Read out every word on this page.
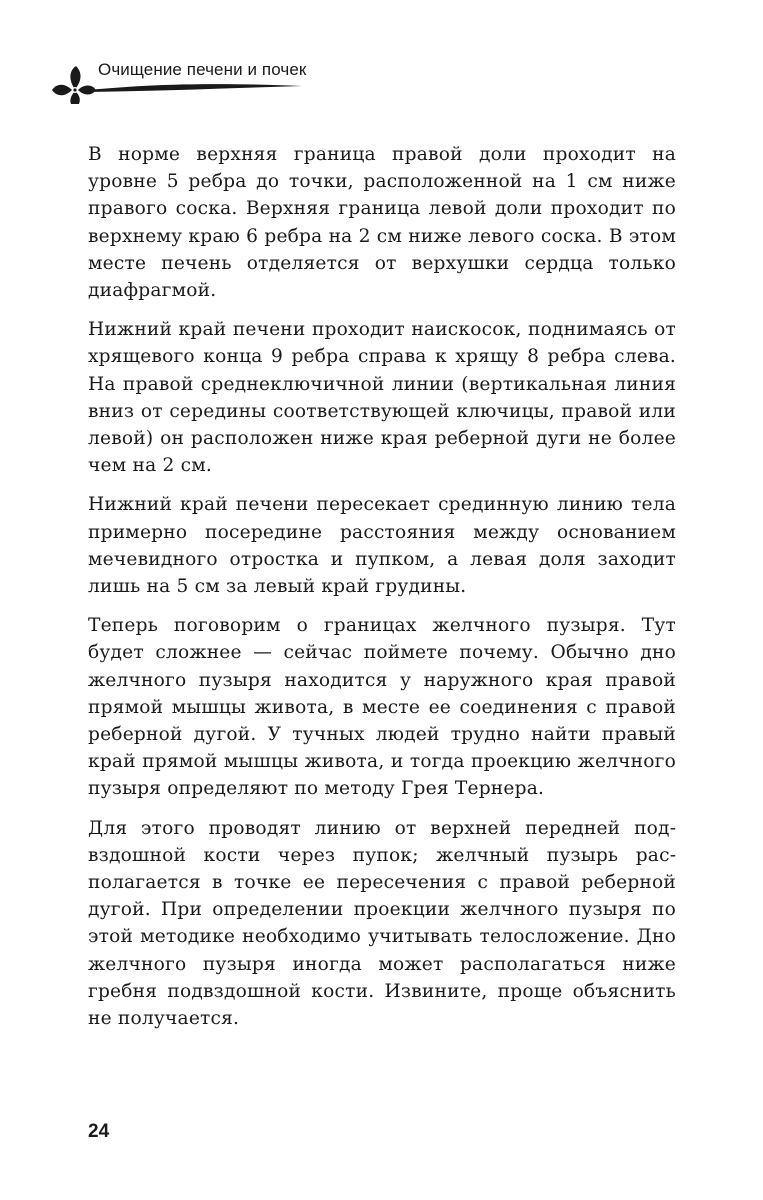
Очищение печени и почек

В норме верхняя граница правой доли проходит на уровне 5 ребра до точки, расположенной на 1 см ниже правого соска. Верхняя граница левой доли проходит по верхнему краю 6 ребра на 2 см ниже левого соска. В этом месте печень отделяется от верхушки сердца только диафрагмой.

Нижний край печени проходит наискосок, поднимаясь от хрящевого конца 9 ребра справа к хрящу 8 ребра слева. На правой среднеключичной линии (вертикальная линия вниз от середины соответствующей ключицы, правой или левой) он расположен ниже края реберной дуги не более чем на 2 см.

Нижний край печени пересекает срединную линию тела примерно посередине расстояния между основанием мечевидного отростка и пупком, а левая доля заходит лишь на 5 см за левый край грудины.

Теперь поговорим о границах желчного пузыря. Тут будет сложнее — сейчас поймете почему. Обычно дно желчного пузыря находится у наружного края правой прямой мышцы живота, в месте ее соединения с правой реберной дугой. У тучных людей трудно найти правый край прямой мышцы живота, и тогда проекцию желчного пузыря определяют по методу Грея Тернера.

Для этого проводят линию от верхней передней подвздошной кости через пупок; желчный пузырь располагается в точке ее пересечения с правой реберной дугой. При определении проекции желчного пузыря по этой методике необходимо учитывать телосложение. Дно желчного пузыря иногда может располагаться ниже гребня подвздошной кости. Извините, проще объяснить не получается.

24
